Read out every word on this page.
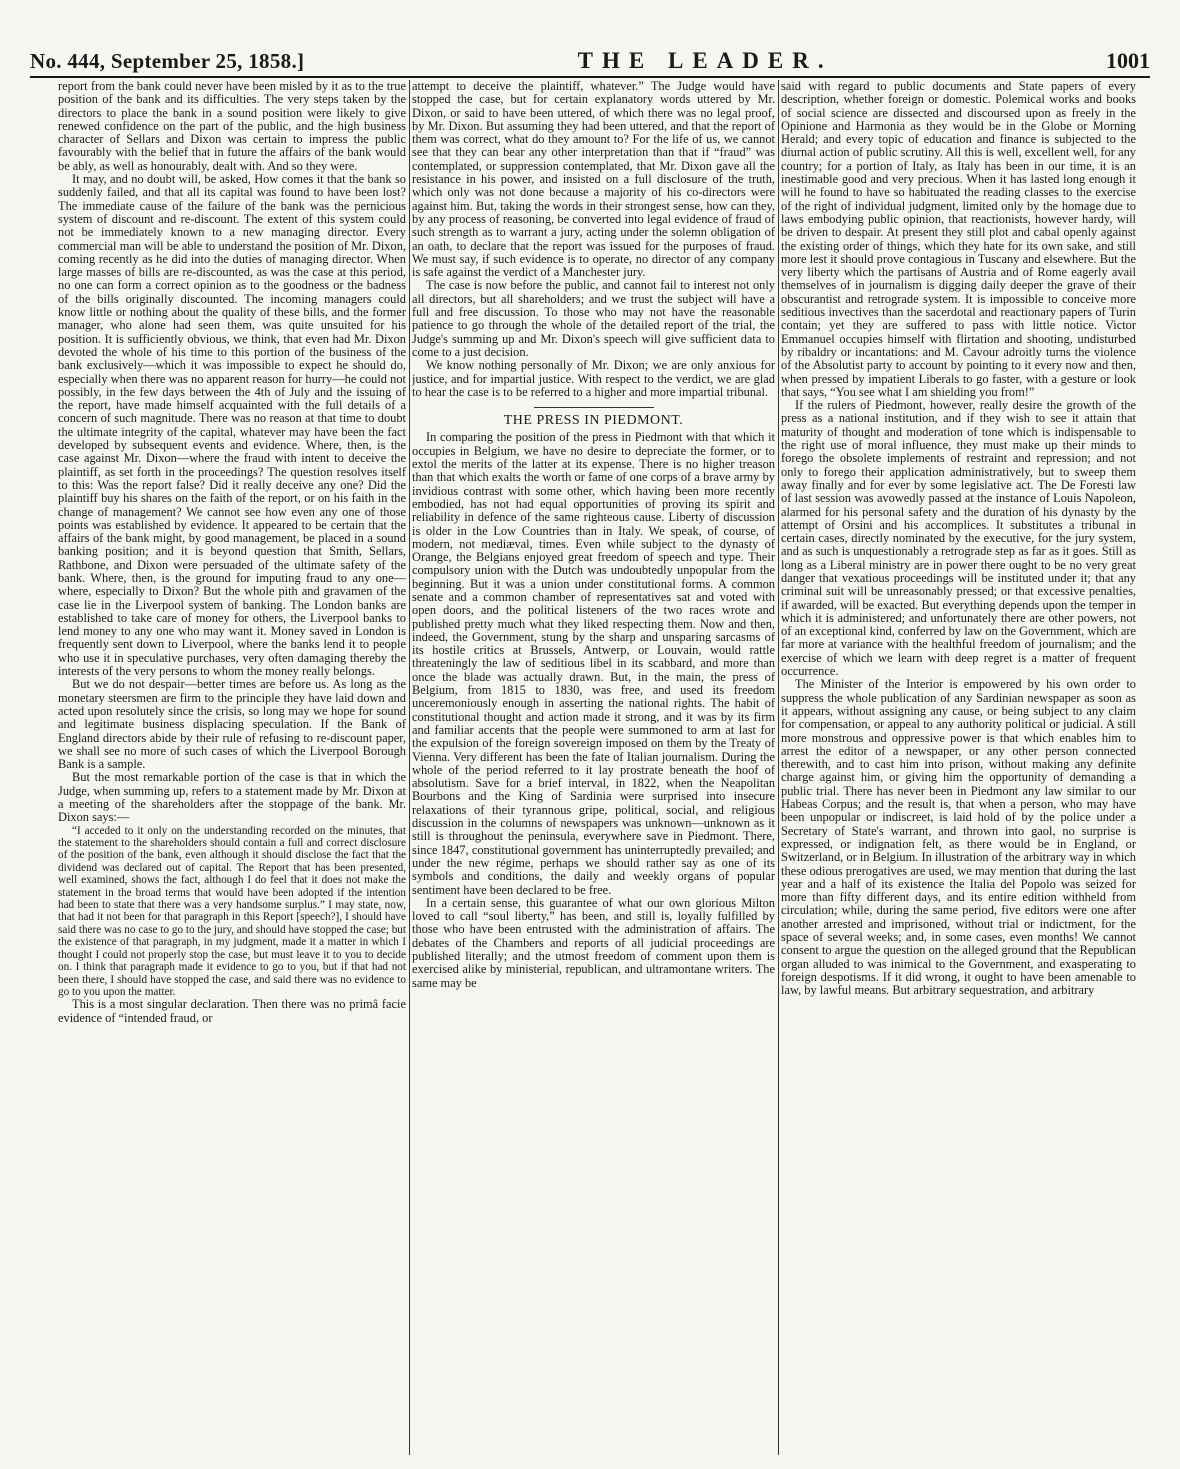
No. 444, September 25, 1858.]	THE LEADER.	1001

report from the bank could never have been misled by it as to the true position of the bank and its difficulties. The very steps taken by the directors to place the bank in a sound position were likely to give renewed confidence on the part of the public, and the high business character of Sellars and Dixon was certain to impress the public favourably with the belief that in future the affairs of the bank would be ably, as well as honourably, dealt with. And so they were.

It may, and no doubt will, be asked, How comes it that the bank so suddenly failed, and that all its capital was found to have been lost? The immediate cause of the failure of the bank was the pernicious system of discount and re-discount. The extent of this system could not be immediately known to a new managing director. Every commercial man will be able to understand the position of Mr. Dixon, coming recently as he did into the duties of managing director. When large masses of bills are re-discounted, as was the case at this period, no one can form a correct opinion as to the goodness or the badness of the bills originally discounted. The incoming managers could know little or nothing about the quality of these bills, and the former manager, who alone had seen them, was quite unsuited for his position. It is sufficiently obvious, we think, that even had Mr. Dixon devoted the whole of his time to this portion of the business of the bank exclusively—which it was impossible to expect he should do, especially when there was no apparent reason for hurry—he could not possibly, in the few days between the 4th of July and the issuing of the report, have made himself acquainted with the full details of a concern of such magnitude. There was no reason at that time to doubt the ultimate integrity of the capital, whatever may have been the fact developed by subsequent events and evidence. Where, then, is the case against Mr. Dixon—where the fraud with intent to deceive the plaintiff, as set forth in the proceedings? The question resolves itself to this: Was the report false? Did it really deceive any one? Did the plaintiff buy his shares on the faith of the report, or on his faith in the change of management? We cannot see how even any one of those points was established by evidence. It appeared to be certain that the affairs of the bank might, by good management, be placed in a sound banking position; and it is beyond question that Smith, Sellars, Rathbone, and Dixon were persuaded of the ultimate safety of the bank. Where, then, is the ground for imputing fraud to any one—where, especially to Dixon? But the whole pith and gravamen of the case lie in the Liverpool system of banking. The London banks are established to take care of money for others, the Liverpool banks to lend money to any one who may want it. Money saved in London is frequently sent down to Liverpool, where the banks lend it to people who use it in speculative purchases, very often damaging thereby the interests of the very persons to whom the money really belongs.

But we do not despair—better times are before us. As long as the monetary steersmen are firm to the principle they have laid down and acted upon resolutely since the crisis, so long may we hope for sound and legitimate business displacing speculation. If the Bank of England directors abide by their rule of refusing to re-discount paper, we shall see no more of such cases of which the Liverpool Borough Bank is a sample.

But the most remarkable portion of the case is that in which the Judge, when summing up, refers to a statement made by Mr. Dixon at a meeting of the shareholders after the stoppage of the bank. Mr. Dixon says:—

“I acceded to it only on the understanding recorded on the minutes, that the statement to the shareholders should contain a full and correct disclosure of the position of the bank, even although it should disclose the fact that the dividend was declared out of capital. The Report that has been presented, well examined, shows the fact, although I do feel that it does not make the statement in the broad terms that would have been adopted if the intention had been to state that there was a very handsome surplus.” I may state, now, that had it not been for that paragraph in this Report [speech?], I should have said there was no case to go to the jury, and should have stopped the case; but the existence of that paragraph, in my judgment, made it a matter in which I thought I could not properly stop the case, but must leave it to you to decide on. I think that paragraph made it evidence to go to you, but if that had not been there, I should have stopped the case, and said there was no evidence to go to you upon the matter.

This is a most singular declaration. Then there was no primâ facie evidence of “intended fraud, or

attempt to deceive the plaintiff, whatever.” The Judge would have stopped the case, but for certain explanatory words uttered by Mr. Dixon, or said to have been uttered, of which there was no legal proof, by Mr. Dixon. But assuming they had been uttered, and that the report of them was correct, what do they amount to? For the life of us, we cannot see that they can bear any other interpretation than that if “fraud” was contemplated, or suppression contemplated, that Mr. Dixon gave all the resistance in his power, and insisted on a full disclosure of the truth, which only was not done because a majority of his co-directors were against him. But, taking the words in their strongest sense, how can they, by any process of reasoning, be converted into legal evidence of fraud of such strength as to warrant a jury, acting under the solemn obligation of an oath, to declare that the report was issued for the purposes of fraud. We must say, if such evidence is to operate, no director of any company is safe against the verdict of a Manchester jury.

The case is now before the public, and cannot fail to interest not only all directors, but all shareholders; and we trust the subject will have a full and free discussion. To those who may not have the reasonable patience to go through the whole of the detailed report of the trial, the Judge's summing up and Mr. Dixon's speech will give sufficient data to come to a just decision.

We know nothing personally of Mr. Dixon; we are only anxious for justice, and for impartial justice. With respect to the verdict, we are glad to hear the case is to be referred to a higher and more impartial tribunal.

THE PRESS IN PIEDMONT.

In comparing the position of the press in Piedmont with that which it occupies in Belgium, we have no desire to depreciate the former, or to extol the merits of the latter at its expense. There is no higher treason than that which exalts the worth or fame of one corps of a brave army by invidious contrast with some other, which having been more recently embodied, has not had equal opportunities of proving its spirit and reliability in defence of the same righteous cause. Liberty of discussion is older in the Low Countries than in Italy. We speak, of course, of modern, not mediæval, times. Even while subject to the dynasty of Orange, the Belgians enjoyed great freedom of speech and type. Their compulsory union with the Dutch was undoubtedly unpopular from the beginning. But it was a union under constitutional forms. A common senate and a common chamber of representatives sat and voted with open doors, and the political listeners of the two races wrote and published pretty much what they liked respecting them. Now and then, indeed, the Government, stung by the sharp and unsparing sarcasms of its hostile critics at Brussels, Antwerp, or Louvain, would rattle threateningly the law of seditious libel in its scabbard, and more than once the blade was actually drawn. But, in the main, the press of Belgium, from 1815 to 1830, was free, and used its freedom unceremoniously enough in asserting the national rights. The habit of constitutional thought and action made it strong, and it was by its firm and familiar accents that the people were summoned to arm at last for the expulsion of the foreign sovereign imposed on them by the Treaty of Vienna. Very different has been the fate of Italian journalism. During the whole of the period referred to it lay prostrate beneath the hoof of absolutism. Save for a brief interval, in 1822, when the Neapolitan Bourbons and the King of Sardinia were surprised into insecure relaxations of their tyrannous gripe, political, social, and religious discussion in the columns of newspapers was unknown—unknown as it still is throughout the peninsula, everywhere save in Piedmont. There, since 1847, constitutional government has uninterruptedly prevailed; and under the new régime, perhaps we should rather say as one of its symbols and conditions, the daily and weekly organs of popular sentiment have been declared to be free.

In a certain sense, this guarantee of what our own glorious Milton loved to call “soul liberty,” has been, and still is, loyally fulfilled by those who have been entrusted with the administration of affairs. The debates of the Chambers and reports of all judicial proceedings are published literally; and the utmost freedom of comment upon them is exercised alike by ministerial, republican, and ultramontane writers. The same may be

said with regard to public documents and State papers of every description, whether foreign or domestic. Polemical works and books of social science are dissected and discoursed upon as freely in the Opinione and Harmonia as they would be in the Globe or Morning Herald; and every topic of education and finance is subjected to the diurnal action of public scrutiny. All this is well, excellent well, for any country; for a portion of Italy, as Italy has been in our time, it is an inestimable good and very precious. When it has lasted long enough it will he found to have so habituated the reading classes to the exercise of the right of individual judgment, limited only by the homage due to laws embodying public opinion, that reactionists, however hardy, will be driven to despair. At present they still plot and cabal openly against the existing order of things, which they hate for its own sake, and still more lest it should prove contagious in Tuscany and elsewhere. But the very liberty which the partisans of Austria and of Rome eagerly avail themselves of in journalism is digging daily deeper the grave of their obscurantist and retrograde system. It is impossible to conceive more seditious invectives than the sacerdotal and reactionary papers of Turin contain; yet they are suffered to pass with little notice. Victor Emmanuel occupies himself with flirtation and shooting, undisturbed by ribaldry or incantations: and M. Cavour adroitly turns the violence of the Absolutist party to account by pointing to it every now and then, when pressed by impatient Liberals to go faster, with a gesture or look that says, “You see what I am shielding you from!”

If the rulers of Piedmont, however, really desire the growth of the press as a national institution, and if they wish to see it attain that maturity of thought and moderation of tone which is indispensable to the right use of moral influence, they must make up their minds to forego the obsolete implements of restraint and repression; and not only to forego their application administratively, but to sweep them away finally and for ever by some legislative act. The De Foresti law of last session was avowedly passed at the instance of Louis Napoleon, alarmed for his personal safety and the duration of his dynasty by the attempt of Orsini and his accomplices. It substitutes a tribunal in certain cases, directly nominated by the executive, for the jury system, and as such is unquestionably a retrograde step as far as it goes. Still as long as a Liberal ministry are in power there ought to be no very great danger that vexatious proceedings will be instituted under it; that any criminal suit will be unreasonably pressed; or that excessive penalties, if awarded, will be exacted. But everything depends upon the temper in which it is administered; and unfortunately there are other powers, not of an exceptional kind, conferred by law on the Government, which are far more at variance with the healthful freedom of journalism; and the exercise of which we learn with deep regret is a matter of frequent occurrence.

The Minister of the Interior is empowered by his own order to suppress the whole publication of any Sardinian newspaper as soon as it appears, without assigning any cause, or being subject to any claim for compensation, or appeal to any authority political or judicial. A still more monstrous and oppressive power is that which enables him to arrest the editor of a newspaper, or any other person connected therewith, and to cast him into prison, without making any definite charge against him, or giving him the opportunity of demanding a public trial. There has never been in Piedmont any law similar to our Habeas Corpus; and the result is, that when a person, who may have been unpopular or indiscreet, is laid hold of by the police under a Secretary of State's warrant, and thrown into gaol, no surprise is expressed, or indignation felt, as there would be in England, or Switzerland, or in Belgium. In illustration of the arbitrary way in which these odious prerogatives are used, we may mention that during the last year and a half of its existence the Italia del Popolo was seized for more than fifty different days, and its entire edition withheld from circulation; while, during the same period, five editors were one after another arrested and imprisoned, without trial or indictment, for the space of several weeks; and, in some cases, even months! We cannot consent to argue the question on the alleged ground that the Republican organ alluded to was inimical to the Government, and exasperating to foreign despotisms. If it did wrong, it ought to have been amenable to law, by lawful means. But arbitrary sequestration, and arbitrary
